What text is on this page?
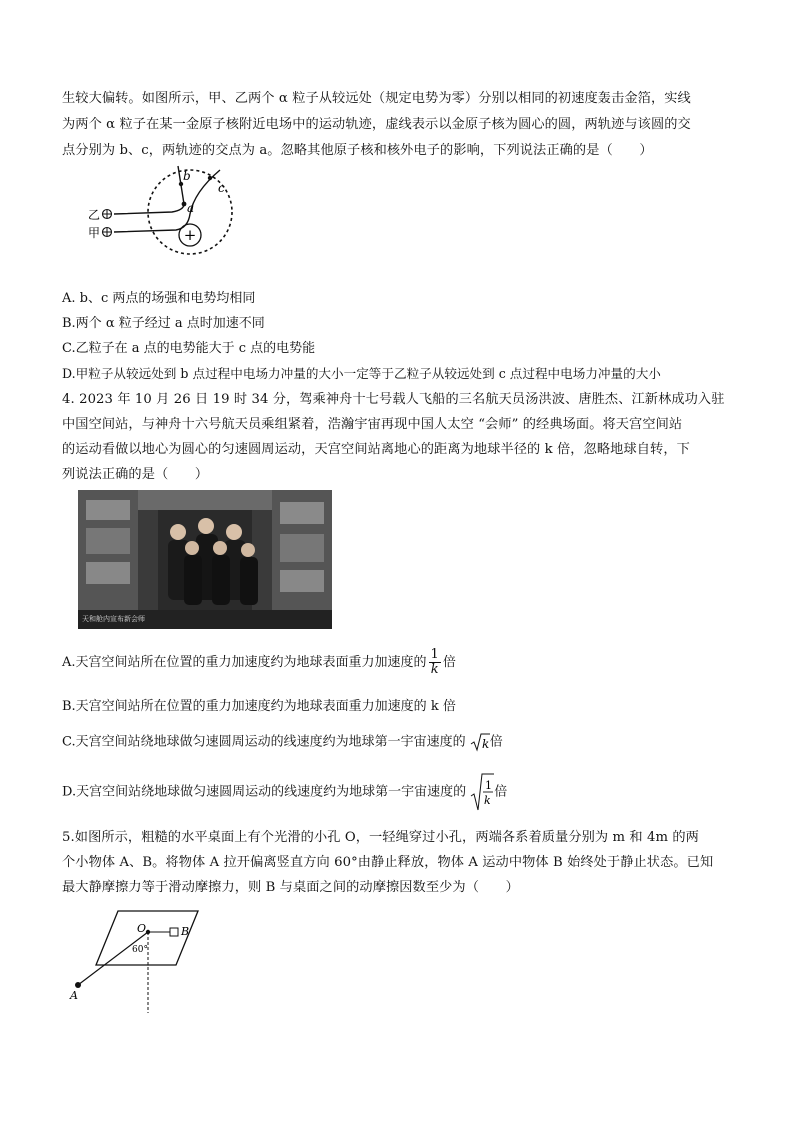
生较大偏转。如图所示，甲、乙两个 α 粒子从较远处（规定电势为零）分别以相同的初速度轰击金箔，实线
为两个 α 粒子在某一金原子核附近电场中的运动轨迹，虚线表示以金原子核为圆心的圆，两轨迹与该圆的交
点分别为 b、c，两轨迹的交点为 a。忽略其他原子核和核外电子的影响，下列说法正确的是（　　）
+
b
c
a
乙
甲
A. b、c 两点的场强和电势均相同
B.两个 α 粒子经过 a 点时加速不同
C.乙粒子在 a 点的电势能大于 c 点的电势能
D.甲粒子从较远处到 b 点过程中电场力冲量的大小一定等于乙粒子从较远处到 c 点过程中电场力冲量的大小
4. 2023 年 10 月 26 日 19 时 34 分，驾乘神舟十七号载人飞船的三名航天员汤洪波、唐胜杰、江新林成功入驻
中国空间站，与神舟十六号航天员乘组紧着，浩瀚宇宙再现中国人太空 “会师” 的经典场面。将天宫空间站
的运动看做以地心为圆心的匀速圆周运动，天宫空间站离地心的距离为地球半径的 k 倍，忽略地球自转，下
列说法正确的是（　　）
天和舱内宣布新会师
A.天宫空间站所在位置的重力加速度约为地球表面重力加速度的 $\frac{1}{k}$ 倍
B.天宫空间站所在位置的重力加速度约为地球表面重力加速度的 k 倍
C.天宫空间站绕地球做匀速圆周运动的线速度约为地球第一宇宙速度的 k 倍
D.天宫空间站绕地球做匀速圆周运动的线速度约为地球第一宇宙速度的 1
k
倍
5.如图所示，粗糙的水平桌面上有个光滑的小孔 O，一轻绳穿过小孔，两端各系着质量分别为 m 和 4m 的两
个小物体 A、B。将物体 A 拉开偏离竖直方向 60°由静止释放，物体 A 运动中物体 B 始终处于静止状态。已知
最大静摩擦力等于滑动摩擦力，则 B 与桌面之间的动摩擦因数至少为（　　）
O	B
A
60°
